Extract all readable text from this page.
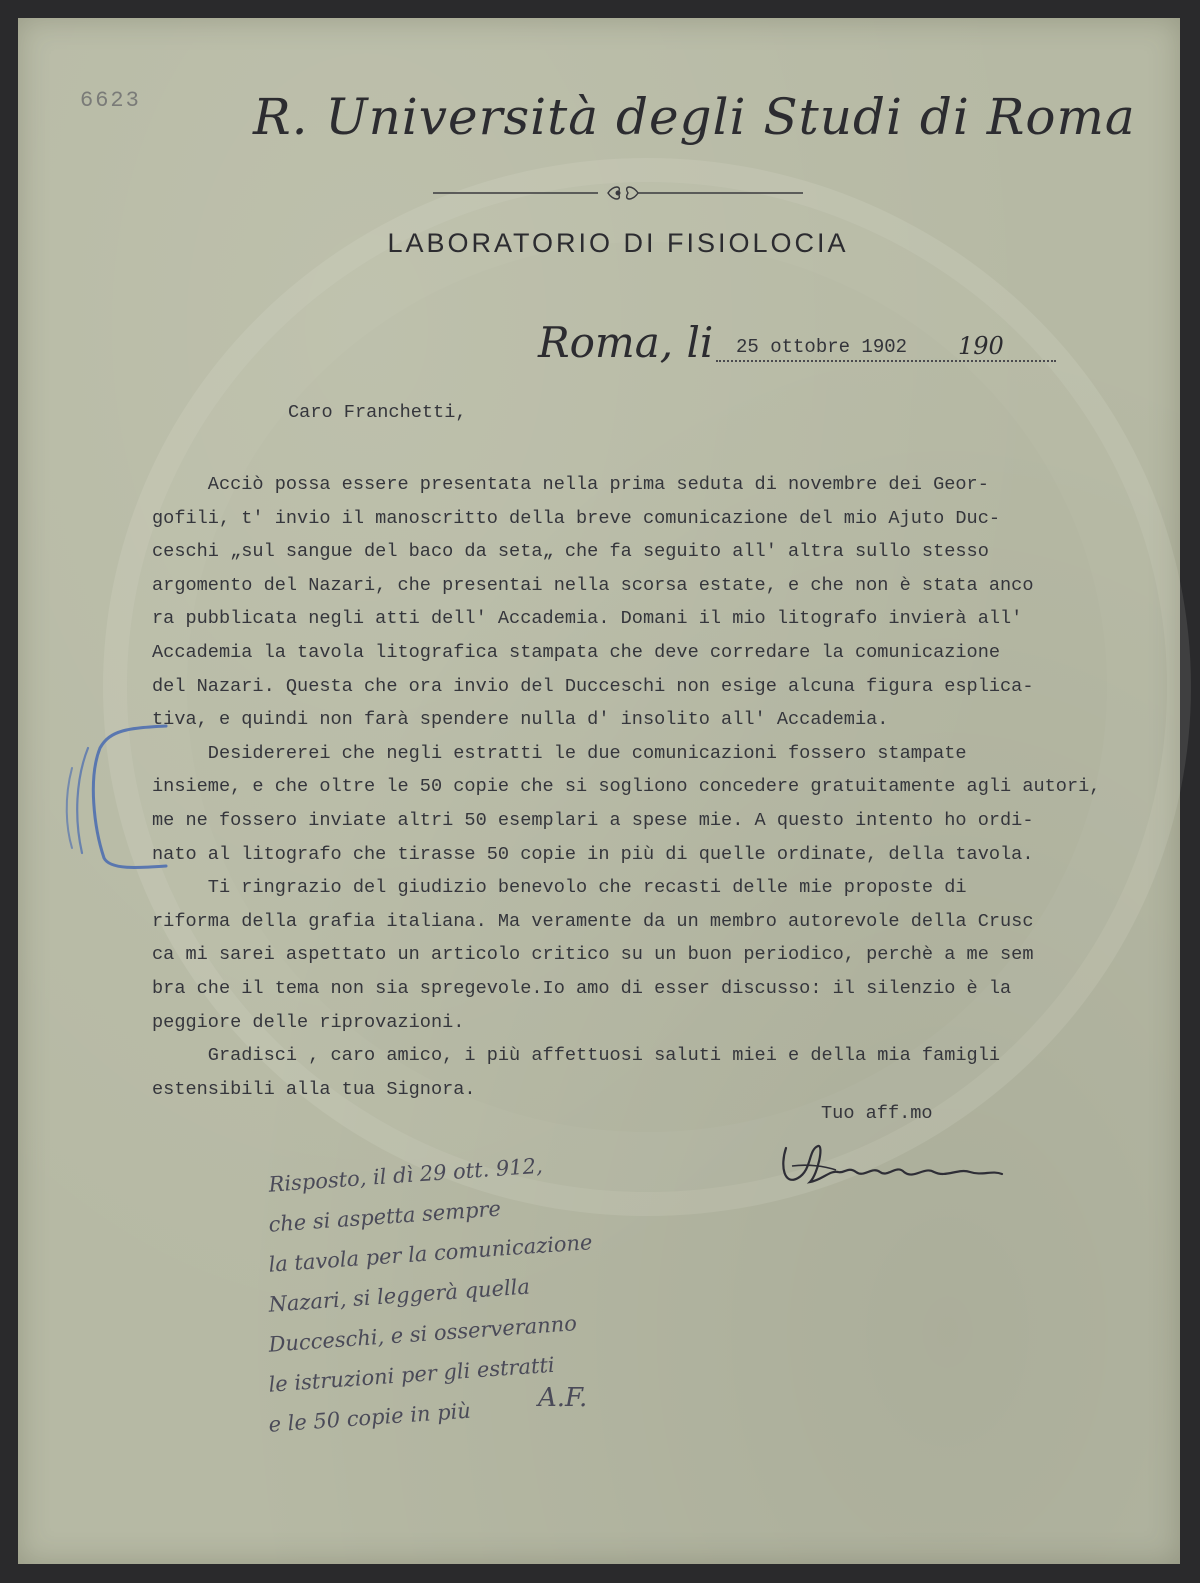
6623 R. Università degli Studi di Roma
LABORATORIO DI FISIOLOCIA
Roma, li 25 ottobre 1902 190
Caro Franchetti,
Acciò possa essere presentata nella prima seduta di novembre dei Geor-
gofili, t' invio il manoscritto della breve comunicazione del mio Ajuto Duc-
ceschi „sul sangue del baco da seta„ che fa seguito all' altra sullo stesso
argomento del Nazari, che presentai nella scorsa estate, e che non è stata anco
ra pubblicata negli atti dell' Accademia. Domani il mio litografo invierà all'
Accademia la tavola litografica stampata che deve corredare la comunicazione
del Nazari. Questa che ora invio del Ducceschi non esige alcuna figura esplica-
tiva, e quindi non farà spendere nulla d' insolito all' Accademia.
Desidererei che negli estratti le due comunicazioni fossero stampate
insieme, e che oltre le 50 copie che si sogliono concedere gratuitamente agli autori,
me ne fossero inviate altri 50 esemplari a spese mie. A questo intento ho ordi-
nato al litografo che tirasse 50 copie in più di quelle ordinate, della tavola.
Ti ringrazio del giudizio benevolo che recasti delle mie proposte di
riforma della grafia italiana. Ma veramente da un membro autorevole della Crusc
ca mi sarei aspettato un articolo critico su un buon periodico, perchè a me sem
bra che il tema non sia spregevole.Io amo di esser discusso: il silenzio è la
peggiore delle riprovazioni.
Gradisci , caro amico, i più affettuosi saluti miei e della mia famigli
estensibili alla tua Signora.
Tuo aff.mo
Risposto, il dì 29 ott. 912,
che si aspetta sempre
la tavola per la comunicazione
Nazari, si leggerà quella
Ducceschi, e si osserveranno
le istruzioni per gli estratti
e le 50 copie in più
A.F.
